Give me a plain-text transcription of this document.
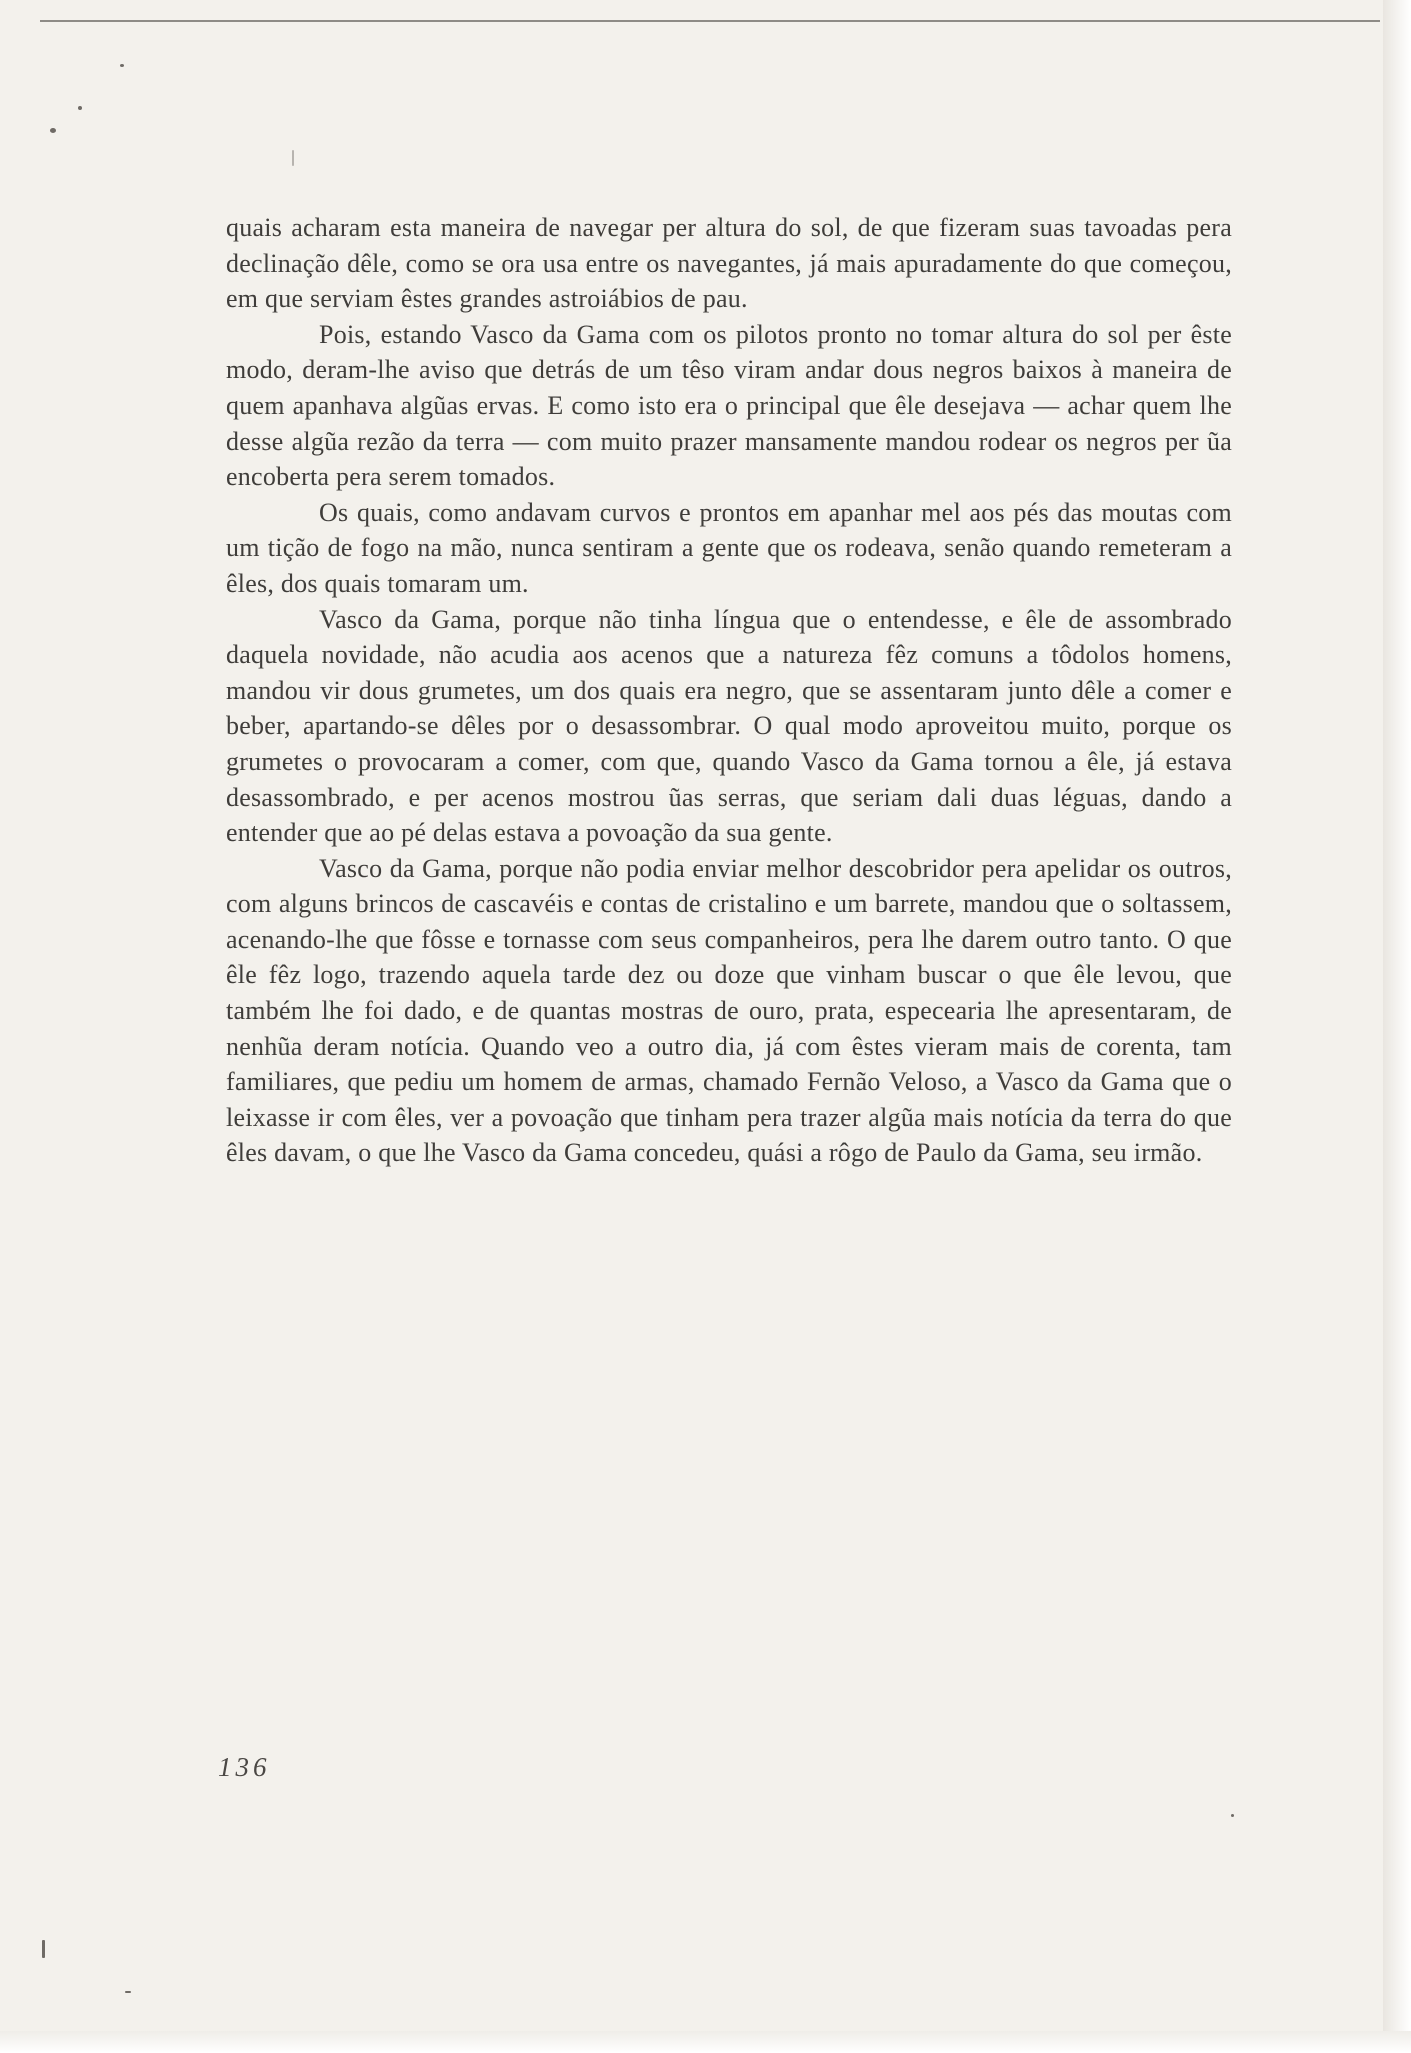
quais acharam esta maneira de navegar per altura do sol, de que fizeram suas tavoadas pera declinação dêle, como se ora usa entre os navegantes, já mais apuradamente do que começou, em que serviam êstes grandes astroiábios de pau.

Pois, estando Vasco da Gama com os pilotos pronto no tomar altura do sol per êste modo, deram-lhe aviso que detrás de um têso viram andar dous negros baixos à maneira de quem apanhava algũas ervas. E como isto era o principal que êle desejava — achar quem lhe desse algũa rezão da terra — com muito prazer mansamente mandou rodear os negros per ũa encoberta pera serem tomados.

Os quais, como andavam curvos e prontos em apanhar mel aos pés das moutas com um tição de fogo na mão, nunca sentiram a gente que os rodeava, senão quando remeteram a êles, dos quais tomaram um.

Vasco da Gama, porque não tinha língua que o entendesse, e êle de assombrado daquela novidade, não acudia aos acenos que a natureza fêz comuns a tôdolos homens, mandou vir dous grumetes, um dos quais era negro, que se assentaram junto dêle a comer e beber, apartando-se dêles por o desassombrar. O qual modo aproveitou muito, porque os grumetes o provocaram a comer, com que, quando Vasco da Gama tornou a êle, já estava desassombrado, e per acenos mostrou ũas serras, que seriam dali duas léguas, dando a entender que ao pé delas estava a povoação da sua gente.

Vasco da Gama, porque não podia enviar melhor descobridor pera apelidar os outros, com alguns brincos de cascavéis e contas de cristalino e um barrete, mandou que o soltassem, acenando-lhe que fôsse e tornasse com seus companheiros, pera lhe darem outro tanto. O que êle fêz logo, trazendo aquela tarde dez ou doze que vinham buscar o que êle levou, que também lhe foi dado, e de quantas mostras de ouro, prata, especearia lhe apresentaram, de nenhũa deram notícia. Quando veo a outro dia, já com êstes vieram mais de corenta, tam familiares, que pediu um homem de armas, chamado Fernão Veloso, a Vasco da Gama que o leixasse ir com êles, ver a povoação que tinham pera trazer algũa mais notícia da terra do que êles davam, o que lhe Vasco da Gama concedeu, quási a rôgo de Paulo da Gama, seu irmão.

136
